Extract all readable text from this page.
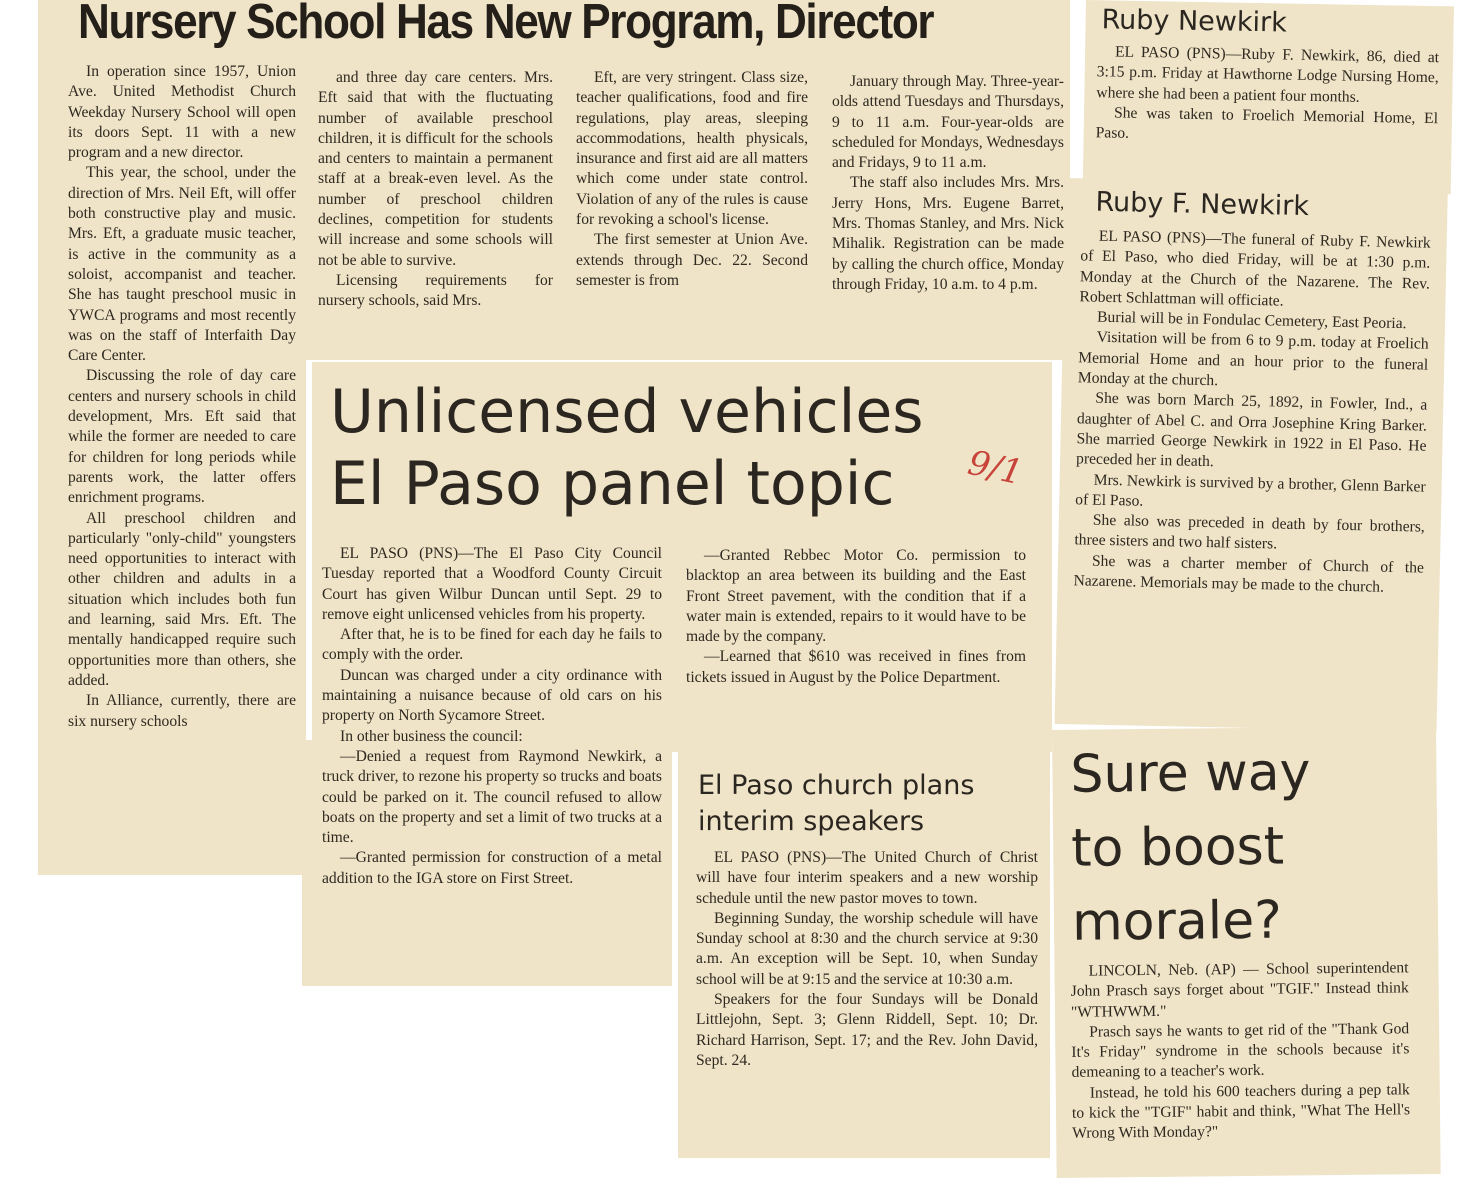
Nursery School Has New Program, Director

In operation since 1957, Union Ave. United Methodist Church Weekday Nursery School will open its doors Sept. 11 with a new program and a new director.

This year, the school, under the direction of Mrs. Neil Eft, will offer both constructive play and music. Mrs. Eft, a graduate music teacher, is active in the community as a soloist, accompanist and teacher. She has taught preschool music in YWCA programs and most recently was on the staff of Interfaith Day Care Center.

Discussing the role of day care centers and nursery schools in child development, Mrs. Eft said that while the former are needed to care for children for long periods while parents work, the latter offers enrichment programs.

All preschool children and particularly "only-child" youngsters need opportunities to interact with other children and adults in a situation which includes both fun and learning, said Mrs. Eft. The mentally handicapped require such opportunities more than others, she added.

In Alliance, currently, there are six nursery schools

and three day care centers. Mrs. Eft said that with the fluctuating number of available preschool children, it is difficult for the schools and centers to maintain a permanent staff at a break-even level. As the number of preschool children declines, competition for students will increase and some schools will not be able to survive.

Licensing requirements for nursery schools, said Mrs.

Eft, are very stringent. Class size, teacher qualifications, food and fire regulations, play areas, sleeping accommodations, health physicals, insurance and first aid are all matters which come under state control. Violation of any of the rules is cause for revoking a school's license.

The first semester at Union Ave. extends through Dec. 22. Second semester is from

January through May. Three-year-olds attend Tuesdays and Thursdays, 9 to 11 a.m. Four-year-olds are scheduled for Mondays, Wednesdays and Fridays, 9 to 11 a.m.

The staff also includes Mrs. Mrs. Jerry Hons, Mrs. Eugene Barret, Mrs. Thomas Stanley, and Mrs. Nick Mihalik. Registration can be made by calling the church office, Monday through Friday, 10 a.m. to 4 p.m.

Ruby Newkirk

EL PASO (PNS)—Ruby F. Newkirk, 86, died at 3:15 p.m. Friday at Hawthorne Lodge Nursing Home, where she had been a patient four months.

She was taken to Froelich Memorial Home, El Paso.

Ruby F. Newkirk

EL PASO (PNS)—The funeral of Ruby F. Newkirk of El Paso, who died Friday, will be at 1:30 p.m. Monday at the Church of the Nazarene. The Rev. Robert Schlattman will officiate.

Burial will be in Fondulac Cemetery, East Peoria.

Visitation will be from 6 to 9 p.m. today at Froelich Memorial Home and an hour prior to the funeral Monday at the church.

She was born March 25, 1892, in Fowler, Ind., a daughter of Abel C. and Orra Josephine Kring Barker. She married George Newkirk in 1922 in El Paso. He preceded her in death.

Mrs. Newkirk is survived by a brother, Glenn Barker of El Paso.

She also was preceded in death by four brothers, three sisters and two half sisters.

She was a charter member of Church of the Nazarene. Memorials may be made to the church.

Unlicensed vehicles
El Paso panel topic	9/1

EL PASO (PNS)—The El Paso City Council Tuesday reported that a Woodford County Circuit Court has given Wilbur Duncan until Sept. 29 to remove eight unlicensed vehicles from his property.

After that, he is to be fined for each day he fails to comply with the order.

Duncan was charged under a city ordinance with maintaining a nuisance because of old cars on his property on North Sycamore Street.

In other business the council:

—Denied a request from Raymond Newkirk, a truck driver, to rezone his property so trucks and boats could be parked on it. The council refused to allow boats on the property and set a limit of two trucks at a time.

—Granted permission for construction of a metal addition to the IGA store on First Street.

—Granted Rebbec Motor Co. permission to blacktop an area between its building and the East Front Street pavement, with the condition that if a water main is extended, repairs to it would have to be made by the company.

—Learned that $610 was received in fines from tickets issued in August by the Police Department.

El Paso church plans
interim speakers

EL PASO (PNS)—The United Church of Christ will have four interim speakers and a new worship schedule until the new pastor moves to town.

Beginning Sunday, the worship schedule will have Sunday school at 8:30 and the church service at 9:30 a.m. An exception will be Sept. 10, when Sunday school will be at 9:15 and the service at 10:30 a.m.

Speakers for the four Sundays will be Donald Littlejohn, Sept. 3; Glenn Riddell, Sept. 10; Dr. Richard Harrison, Sept. 17; and the Rev. John David, Sept. 24.

Sure way
to boost
morale?

LINCOLN, Neb. (AP) — School superintendent John Prasch says forget about "TGIF." Instead think "WTHWWM."

Prasch says he wants to get rid of the "Thank God It's Friday" syndrome in the schools because it's demeaning to a teacher's work.

Instead, he told his 600 teachers during a pep talk to kick the "TGIF" habit and think, "What The Hell's Wrong With Monday?"
